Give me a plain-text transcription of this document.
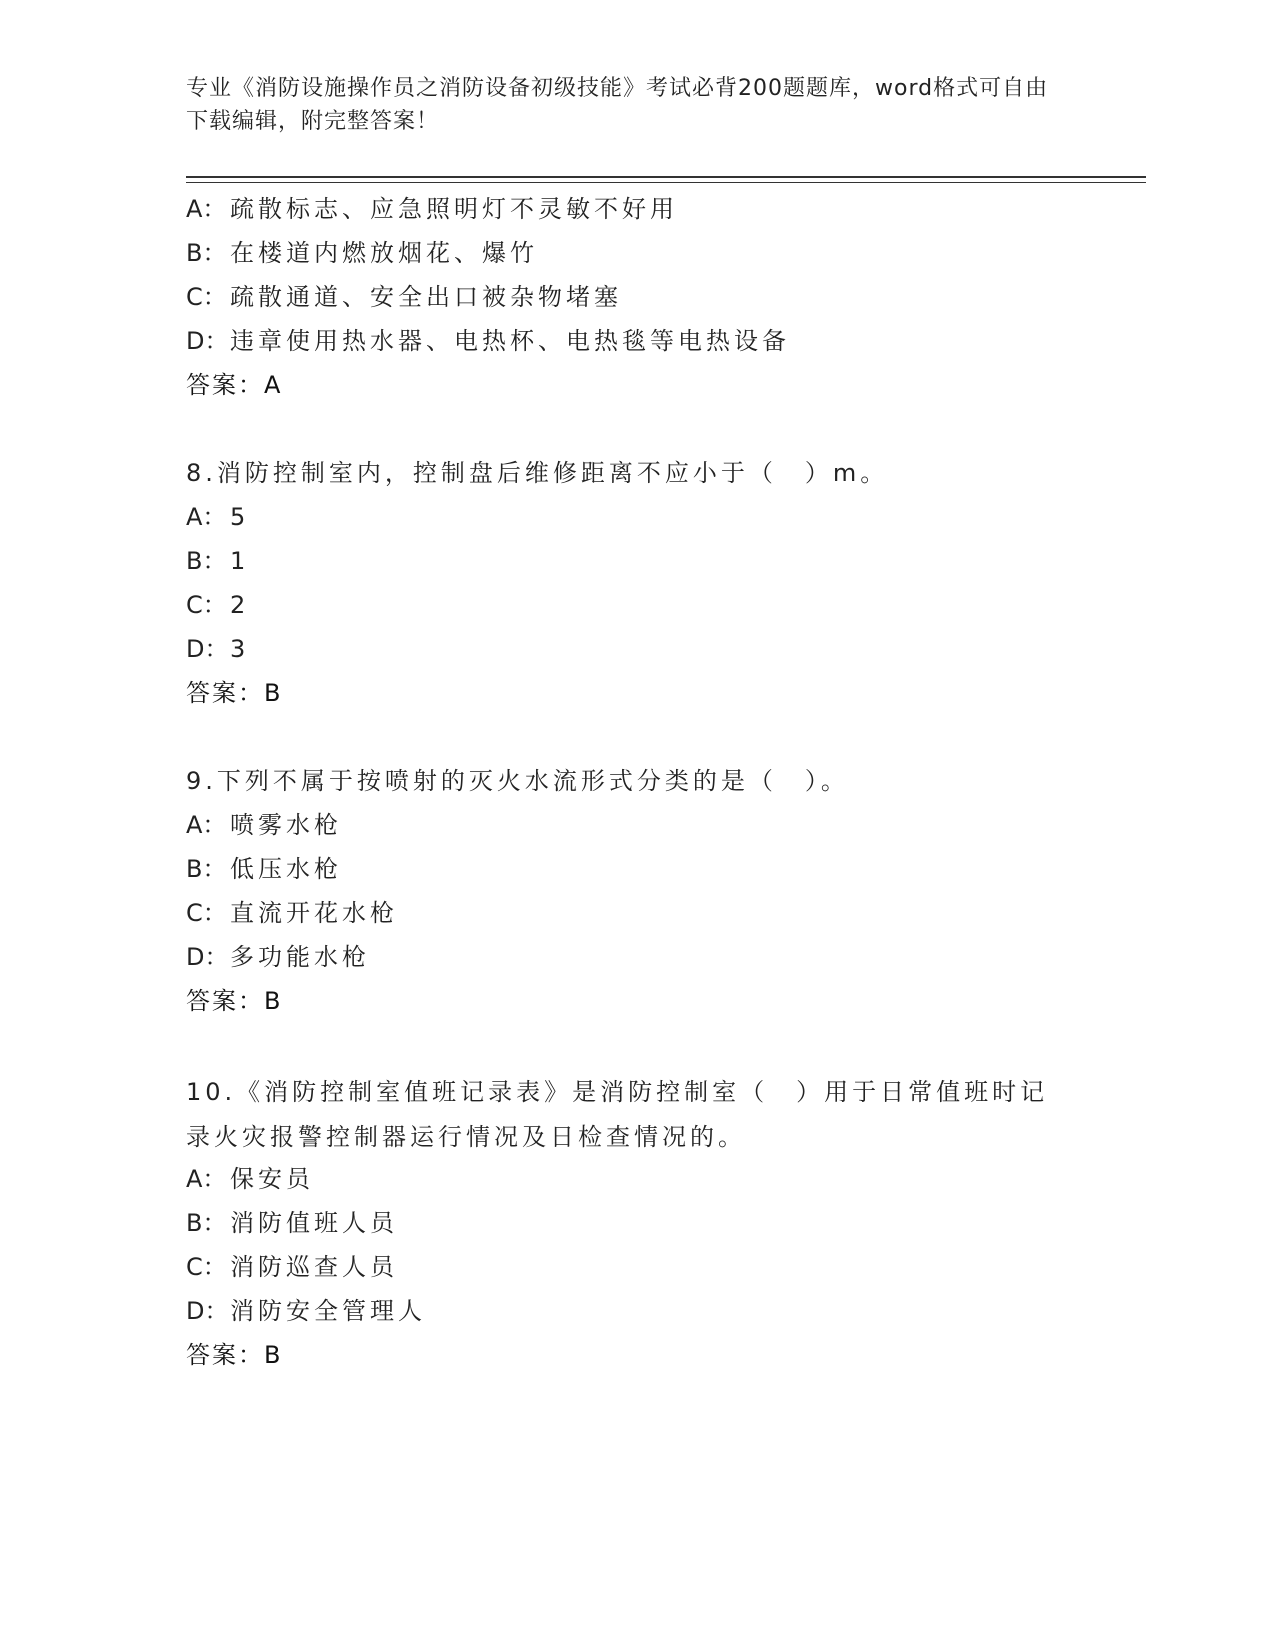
专业《消防设施操作员之消防设备初级技能》考试必背200题题库，word格式可自由下载编辑，附完整答案！
A： 疏散标志、应急照明灯不灵敏不好用
B： 在楼道内燃放烟花、爆竹
C： 疏散通道、安全出口被杂物堵塞
D：违章使用热水器、电热杯、电热毯等电热设备
答案：A
8.消防控制室内，控制盘后维修距离不应小于（　）m。
A： 5
B： 1
C： 2
D：3
答案：B
9.下列不属于按喷射的灭火水流形式分类的是（　）。
A： 喷雾水枪
B： 低压水枪
C： 直流开花水枪
D：多功能水枪
答案：B
10.《消防控制室值班记录表》是消防控制室（　）用于日常值班时记录火灾报警控制器运行情况及日检查情况的。
A： 保安员
B： 消防值班人员
C： 消防巡查人员
D：消防安全管理人
答案：B
